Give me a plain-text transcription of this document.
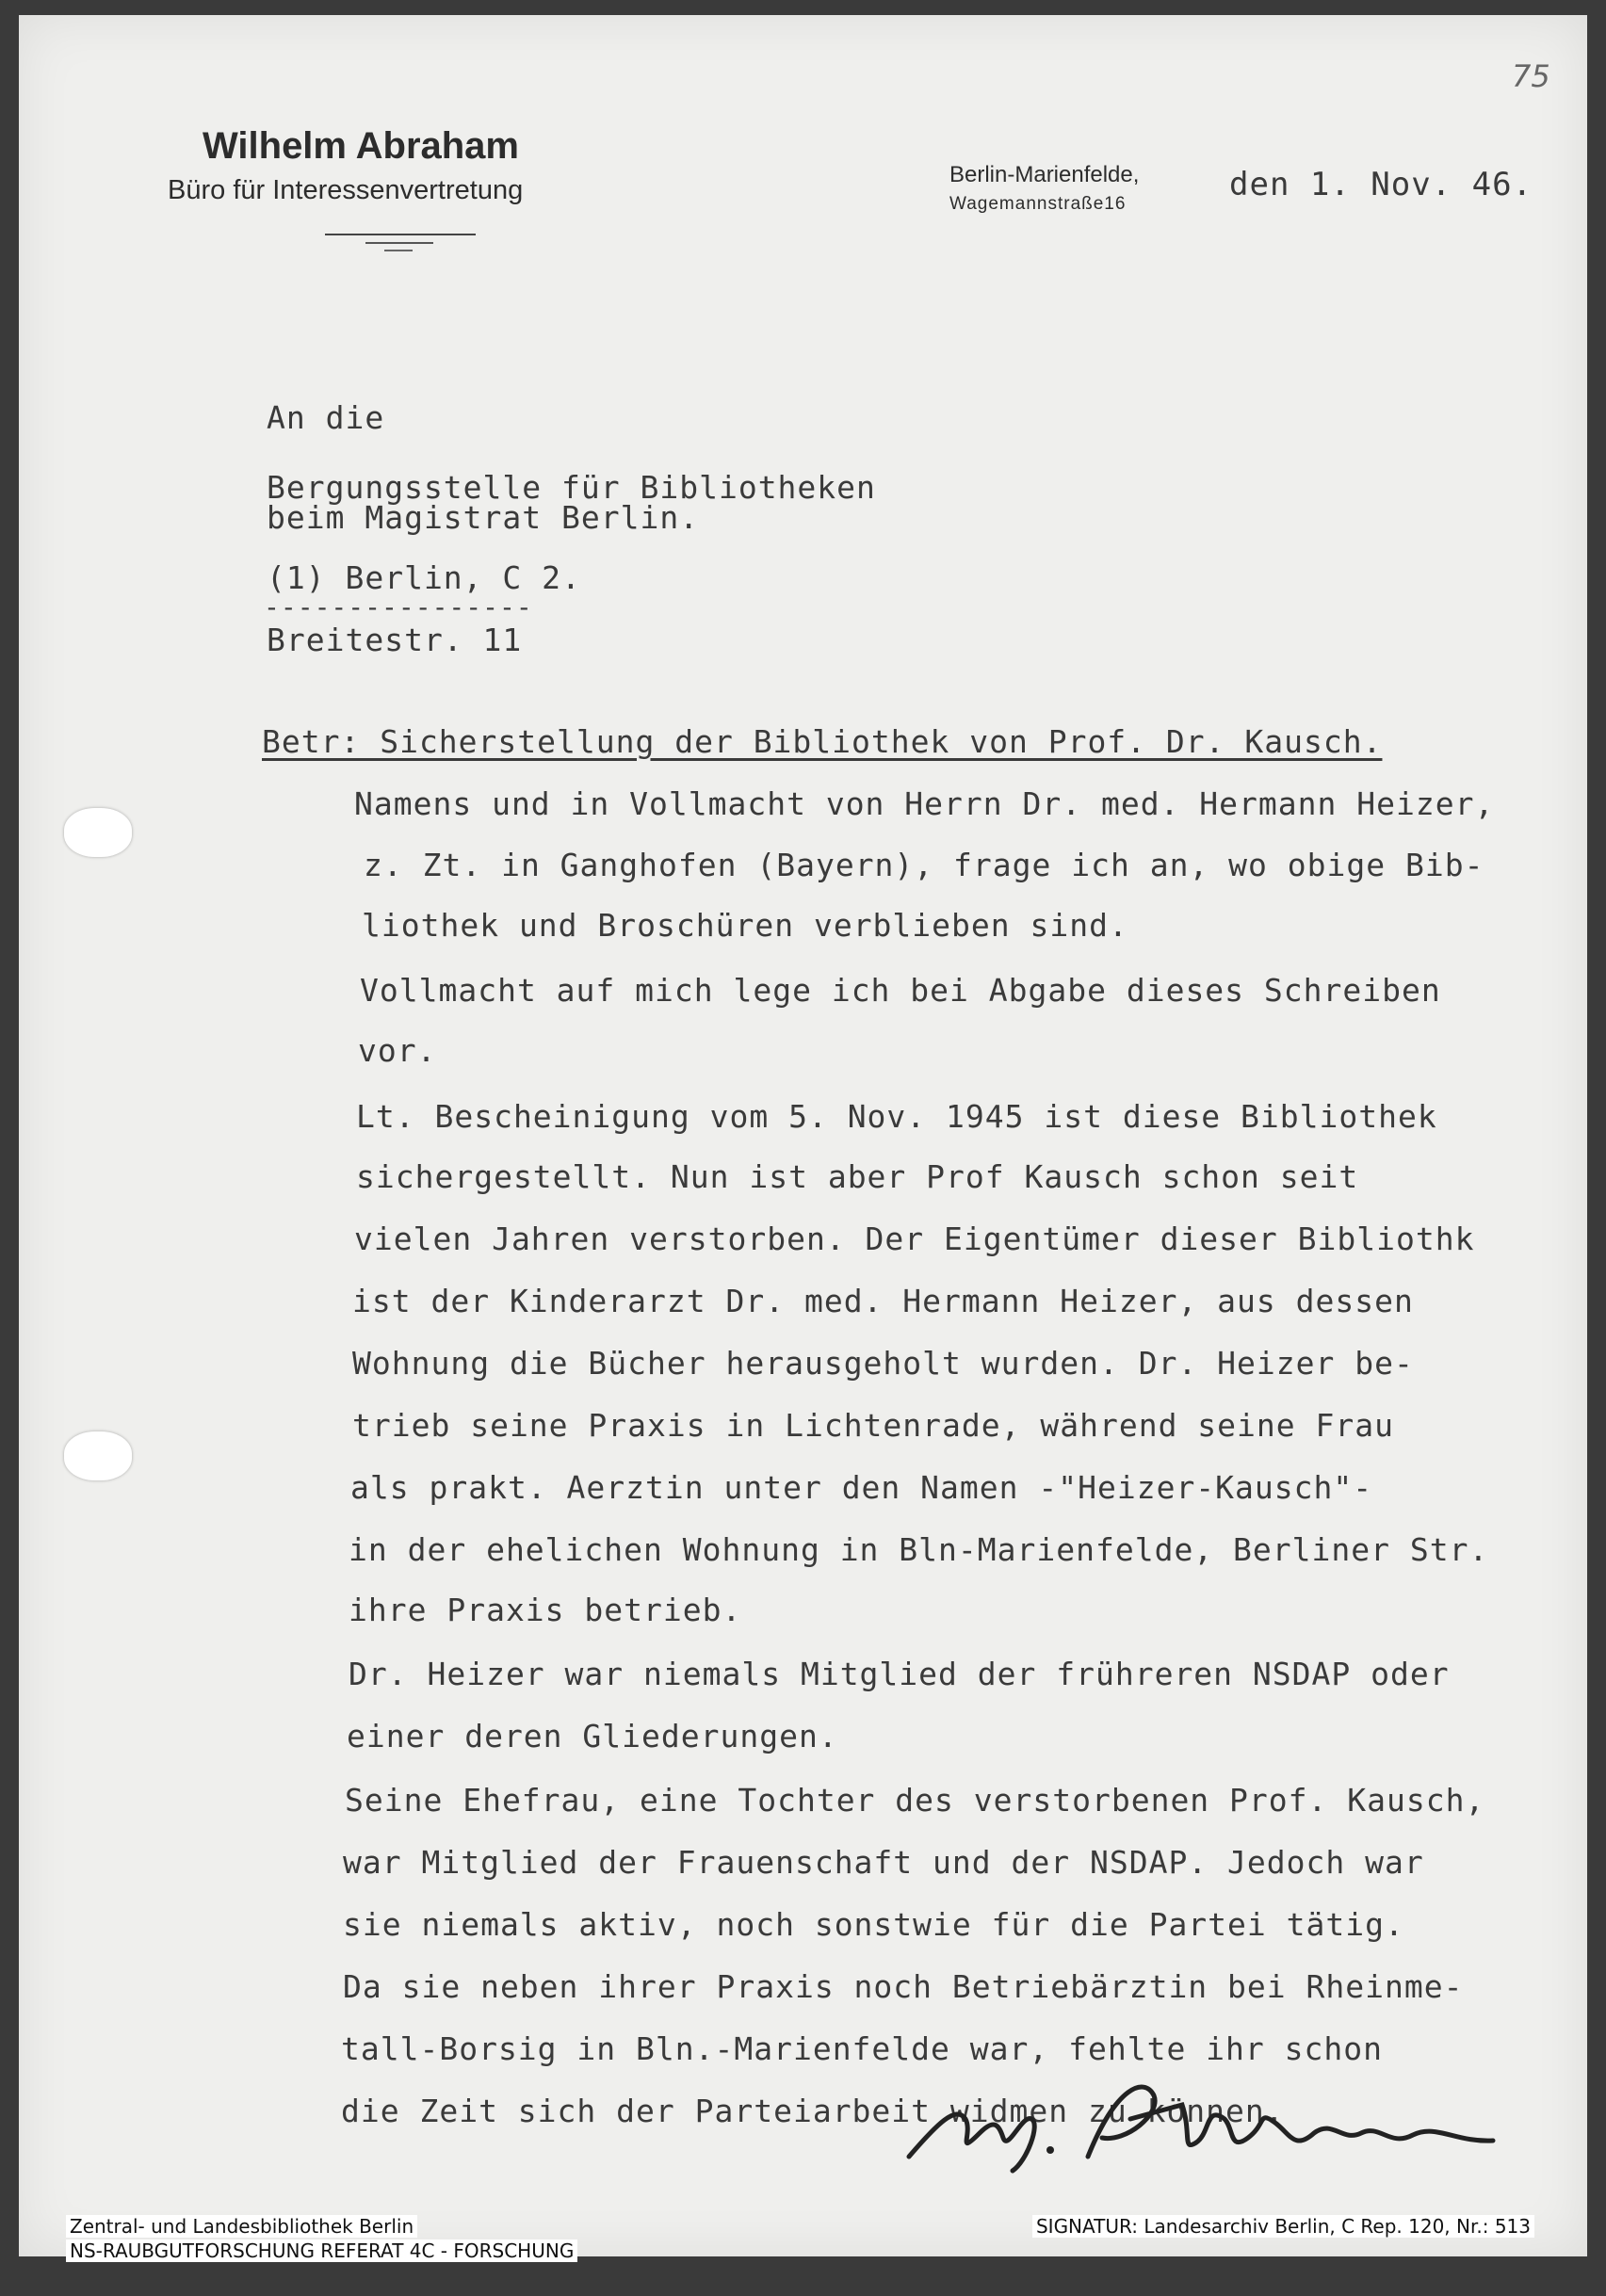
75
Wilhelm Abraham
Büro für Interessenvertretung
Berlin-Marienfelde,
Wagemannstraße16
den 1. Nov. 46.
An die
Bergungsstelle für Bibliotheken
beim Magistrat Berlin.
(1) Berlin, C 2.
----------------
Breitestr. 11
Betr: Sicherstellung der Bibliothek von Prof. Dr. Kausch.
Namens und in Vollmacht von Herrn Dr. med. Hermann Heizer,
z. Zt. in Ganghofen (Bayern), frage ich an, wo obige Bib-
liothek und Broschüren verblieben sind.
Vollmacht auf mich lege ich bei Abgabe dieses Schreiben
vor.
Lt. Bescheinigung vom 5. Nov. 1945 ist diese Bibliothek
sichergestellt. Nun ist aber Prof Kausch schon seit
vielen Jahren verstorben. Der Eigentümer dieser Bibliothk
ist der Kinderarzt Dr. med. Hermann Heizer, aus dessen
Wohnung die Bücher herausgeholt wurden. Dr. Heizer be-
trieb seine Praxis in Lichtenrade, während seine Frau
als prakt. Aerztin unter den Namen -"Heizer-Kausch"-
in der ehelichen Wohnung in Bln-Marienfelde, Berliner Str.
ihre Praxis betrieb.
Dr. Heizer war niemals Mitglied der frühreren NSDAP oder
einer deren Gliederungen.
Seine Ehefrau, eine Tochter des verstorbenen Prof. Kausch,
war Mitglied der Frauenschaft und der NSDAP. Jedoch war
sie niemals aktiv, noch sonstwie für die Partei tätig.
Da sie neben ihrer Praxis noch Betriebärztin bei Rheinme-
tall-Borsig in Bln.-Marienfelde war, fehlte ihr schon
die Zeit sich der Parteiarbeit widmen zu können.
Zentral- und Landesbibliothek Berlin
NS-RAUBGUTFORSCHUNG REFERAT 4C - FORSCHUNG
SIGNATUR: Landesarchiv Berlin, C Rep. 120, Nr.: 513
